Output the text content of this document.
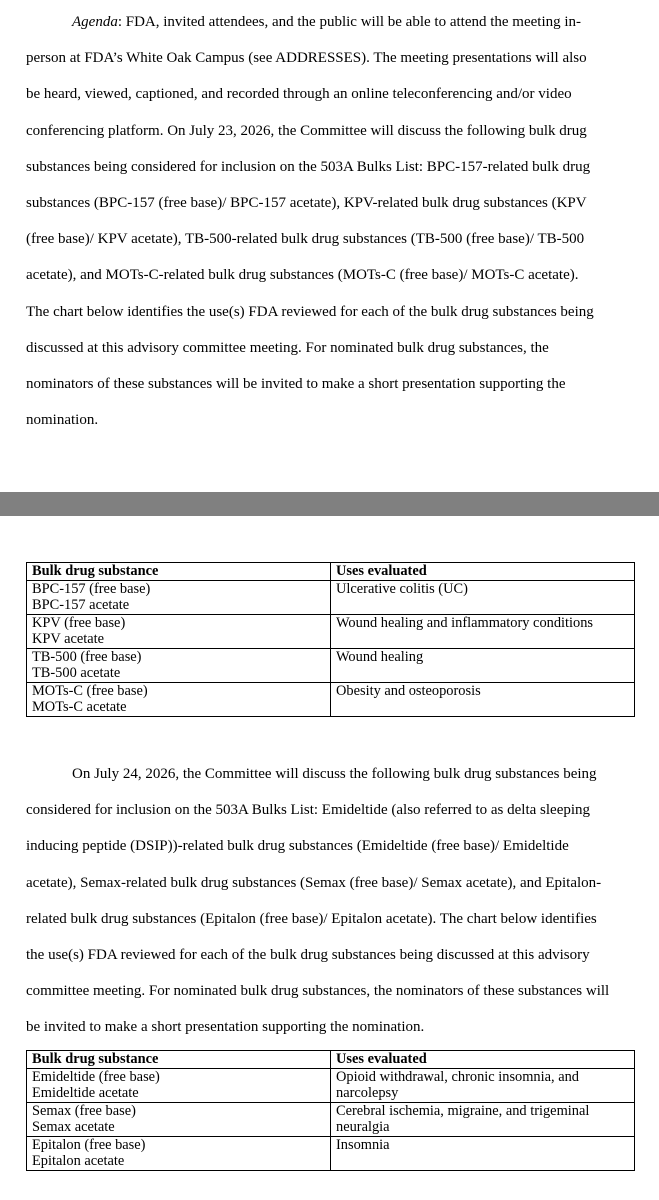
Agenda: FDA, invited attendees, and the public will be able to attend the meeting in-
person at FDA’s White Oak Campus (see ADDRESSES). The meeting presentations will also
be heard, viewed, captioned, and recorded through an online teleconferencing and/or video
conferencing platform. On July 23, 2026, the Committee will discuss the following bulk drug
substances being considered for inclusion on the 503A Bulks List: BPC-157-related bulk drug
substances (BPC-157 (free base)/ BPC-157 acetate), KPV-related bulk drug substances (KPV
(free base)/ KPV acetate), TB-500-related bulk drug substances (TB-500 (free base)/ TB-500
acetate), and MOTs-C-related bulk drug substances (MOTs-C (free base)/ MOTs-C acetate).
The chart below identifies the use(s) FDA reviewed for each of the bulk drug substances being
discussed at this advisory committee meeting. For nominated bulk drug substances, the
nominators of these substances will be invited to make a short presentation supporting the
nomination.

Bulk drug substance	Uses evaluated

BPC-157 (free base)
BPC-157 acetate	Ulcerative colitis (UC)

KPV (free base)
KPV acetate	Wound healing and inflammatory conditions

TB-500 (free base)
TB-500 acetate	Wound healing

MOTs-C (free base)
MOTs-C acetate	Obesity and osteoporosis

On July 24, 2026, the Committee will discuss the following bulk drug substances being
considered for inclusion on the 503A Bulks List: Emideltide (also referred to as delta sleeping
inducing peptide (DSIP))-related bulk drug substances (Emideltide (free base)/ Emideltide
acetate), Semax-related bulk drug substances (Semax (free base)/ Semax acetate), and Epitalon-
related bulk drug substances (Epitalon (free base)/ Epitalon acetate). The chart below identifies
the use(s) FDA reviewed for each of the bulk drug substances being discussed at this advisory
committee meeting. For nominated bulk drug substances, the nominators of these substances will
be invited to make a short presentation supporting the nomination.

Bulk drug substance	Uses evaluated

Emideltide (free base)
Emideltide acetate	Opioid withdrawal, chronic insomnia, and narcolepsy

Semax (free base)
Semax acetate	Cerebral ischemia, migraine, and trigeminal neuralgia

Epitalon (free base)
Epitalon acetate	Insomnia
